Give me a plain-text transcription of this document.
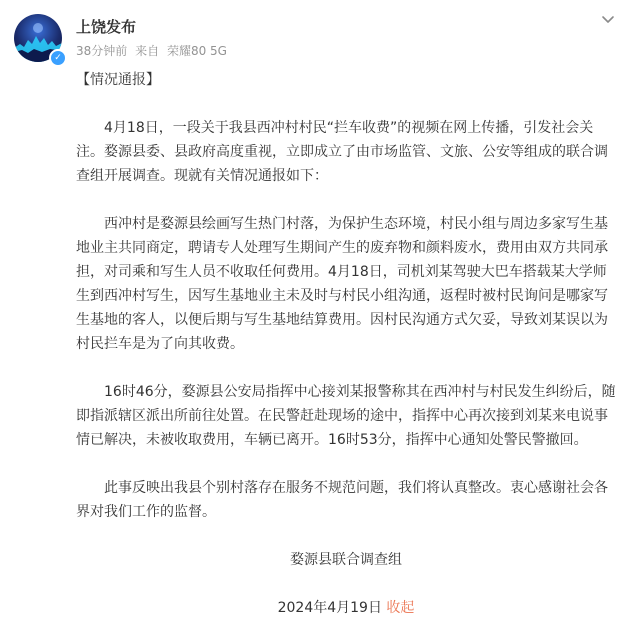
✓
上饶发布
38分钟前 来自 荣耀80 5G

【情况通报】

4月18日，一段关于我县西冲村村民“拦车收费”的视频在网上传播，引发社会关注。婺源县委、县政府高度重视，立即成立了由市场监管、文旅、公安等组成的联合调查组开展调查。现就有关情况通报如下：

西冲村是婺源县绘画写生热门村落，为保护生态环境，村民小组与周边多家写生基地业主共同商定，聘请专人处理写生期间产生的废弃物和颜料废水，费用由双方共同承担，对司乘和写生人员不收取任何费用。4月18日，司机刘某驾驶大巴车搭载某大学师生到西冲村写生，因写生基地业主未及时与村民小组沟通，返程时被村民询问是哪家写生基地的客人，以便后期与写生基地结算费用。因村民沟通方式欠妥，导致刘某误以为村民拦车是为了向其收费。

16时46分，婺源县公安局指挥中心接刘某报警称其在西冲村与村民发生纠纷后，随即指派辖区派出所前往处置。在民警赶赴现场的途中，指挥中心再次接到刘某来电说事情已解决，未被收取费用，车辆已离开。16时53分，指挥中心通知处警民警撤回。

此事反映出我县个别村落存在服务不规范问题，我们将认真整改。衷心感谢社会各界对我们工作的监督。

婺源县联合调查组

2024年4月19日 收起
